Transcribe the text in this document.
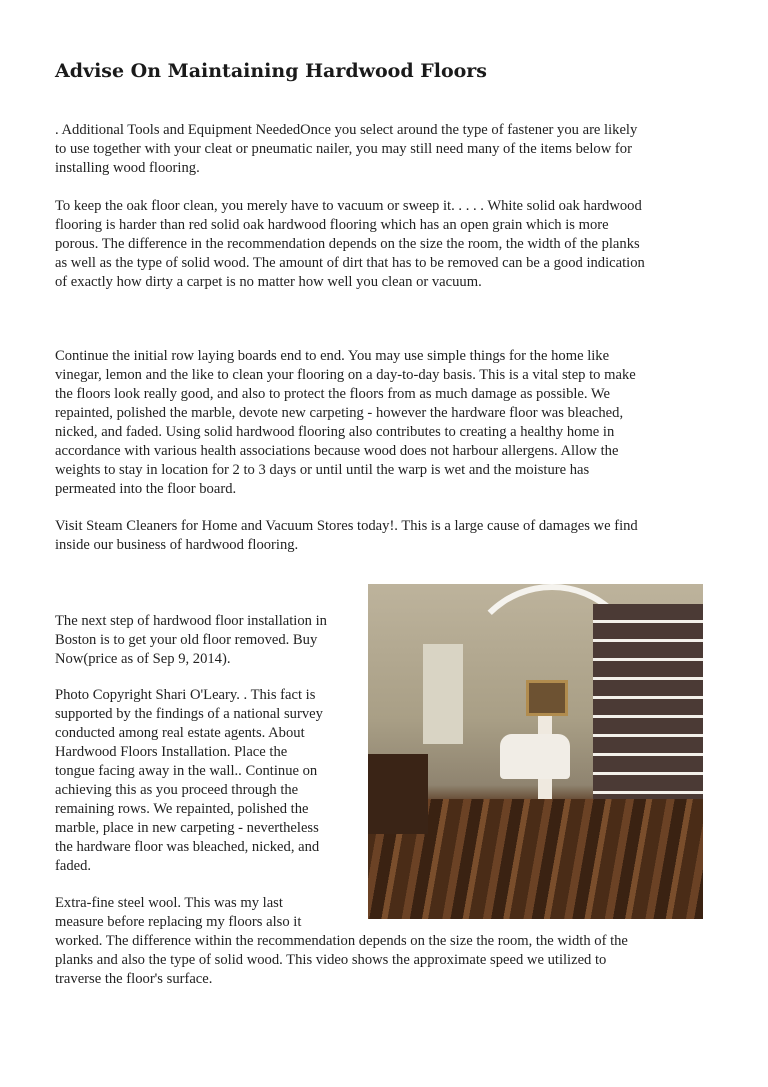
Advise On Maintaining Hardwood Floors
. Additional Tools and Equipment NeededOnce you select around the type of fastener you are likely
to use together with your cleat or pneumatic nailer, you may still need many of the items below for
installing wood flooring.
To keep the oak floor clean, you merely have to vacuum or sweep it. . . . . White solid oak hardwood
flooring is harder than red solid oak hardwood flooring which has an open grain which is more
porous. The difference in the recommendation depends on the size the room, the width of the planks
as well as the type of solid wood. The amount of dirt that has to be removed can be a good indication
of exactly how dirty a carpet is no matter how well you clean or vacuum.
Continue the initial row laying boards end to end. You may use simple things for the home like
vinegar, lemon and the like to clean your flooring on a day-to-day basis. This is a vital step to make
the floors look really good, and also to protect the floors from as much damage as possible. We
repainted, polished the marble, devote new carpeting - however the hardware floor was bleached,
nicked, and faded. Using solid hardwood flooring also contributes to creating a healthy home in
accordance with various health associations because wood does not harbour allergens. Allow the
weights to stay in location for 2 to 3 days or until until the warp is wet and the moisture has
permeated into the floor board.
Visit Steam Cleaners for Home and Vacuum Stores today!. This is a large cause of damages we find
inside our business of hardwood flooring.
The next step of hardwood floor installation in
Boston is to get your old floor removed. Buy
Now(price as of Sep 9, 2014).
Photo Copyright Shari O'Leary. . This fact is
supported by the findings of a national survey
conducted among real estate agents. About
Hardwood Floors Installation. Place the
tongue facing away in the wall.. Continue on
achieving this as you proceed through the
remaining rows. We repainted, polished the
marble, place in new carpeting - nevertheless
the hardware floor was bleached, nicked, and
faded.
Extra-fine steel wool. This was my last
measure before replacing my floors also it
worked. The difference within the recommendation depends on the size the room, the width of the
planks and also the type of solid wood. This video shows the approximate speed we utilized to
traverse the floor's surface.
